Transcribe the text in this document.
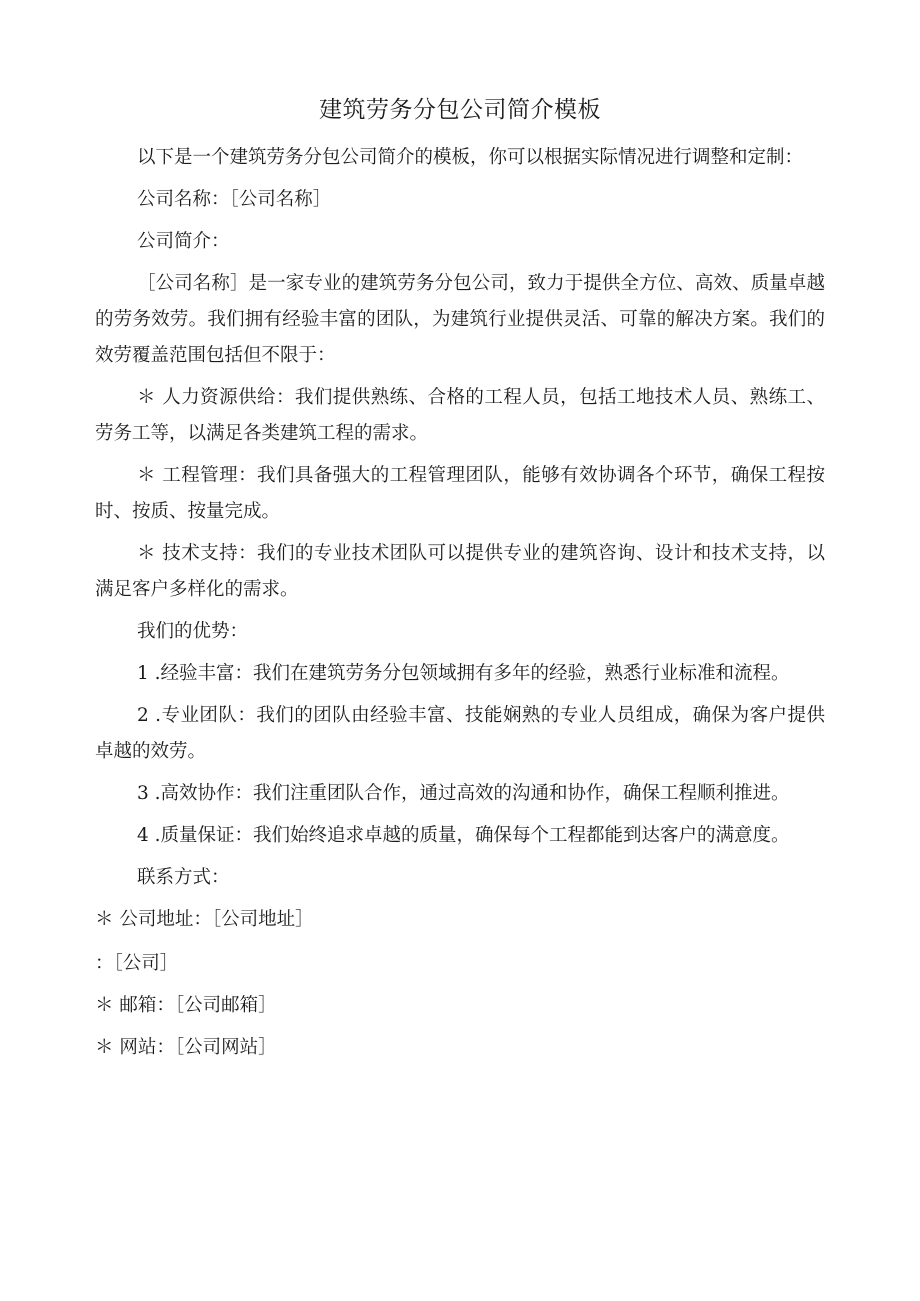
建筑劳务分包公司简介模板

以下是一个建筑劳务分包公司简介的模板，你可以根据实际情况进行调整和定制：

公司名称：［公司名称］

公司简介：

［公司名称］是一家专业的建筑劳务分包公司，致力于提供全方位、高效、质量卓越的劳务效劳。我们拥有经验丰富的团队，为建筑行业提供灵活、可靠的解决方案。我们的效劳覆盖范围包括但不限于：

＊ 人力资源供给：我们提供熟练、合格的工程人员，包括工地技术人员、熟练工、劳务工等，以满足各类建筑工程的需求。

＊ 工程管理：我们具备强大的工程管理团队，能够有效协调各个环节，确保工程按时、按质、按量完成。

＊ 技术支持：我们的专业技术团队可以提供专业的建筑咨询、设计和技术支持，以满足客户多样化的需求。

我们的优势：

1 .经验丰富：我们在建筑劳务分包领域拥有多年的经验，熟悉行业标准和流程。

2 .专业团队：我们的团队由经验丰富、技能娴熟的专业人员组成，确保为客户提供卓越的效劳。

3 .高效协作：我们注重团队合作，通过高效的沟通和协作，确保工程顺利推进。

4 .质量保证：我们始终追求卓越的质量，确保每个工程都能到达客户的满意度。

联系方式：

＊ 公司地址：［公司地址］

：［公司］

＊ 邮箱：［公司邮箱］

＊ 网站：［公司网站］
